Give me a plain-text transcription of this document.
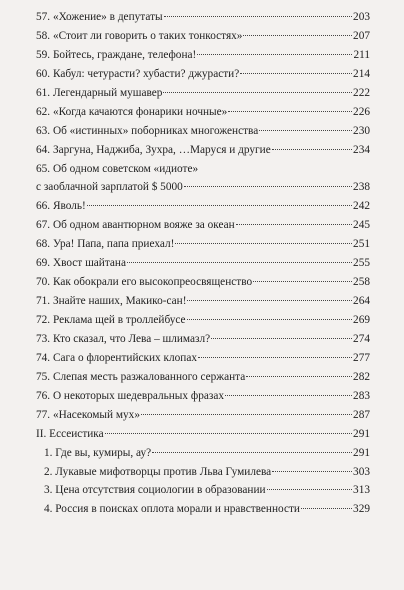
57. «Хожение» в депутаты	203
58. «Стоит ли говорить о таких тонкостях»	207
59. Бойтесь, граждане, телефона!	211
60. Кабул: четурасти? хубасти? джурасти?	214
61. Легендарный мушавер	222
62. «Когда качаются фонарики ночные»	226
63. Об «истинных» поборниках многоженства	230
64. Заргуна, Наджиба, Зухра, …Маруся и другие	234
65. Об одном советском «идиоте»
с заоблачной зарплатой $ 5000	238
66. Яволь!	242
67. Об одном авантюрном вояже за океан	245
68. Ура! Папа, папа приехал!	251
69. Хвост шайтана	255
70. Как обокрали его высокопреосвященство	258
71. Знайте наших, Макико-сан!	264
72. Реклама щей в троллейбусе	269
73. Кто сказал, что Лева – шлимазл?	274
74. Сага о флорентийских клопах	277
75. Слепая месть разжалованного сержанта	282
76. О некоторых шедевральных фразах	283
77. «Насекомый мух»	287
II. Ессеистика	291
1. Где вы, кумиры, ау?	291
2. Лукавые мифотворцы против Льва Гумилева	303
3. Цена отсутствия социологии в образовании	313
4. Россия в поисках оплота морали и нравственности	329
